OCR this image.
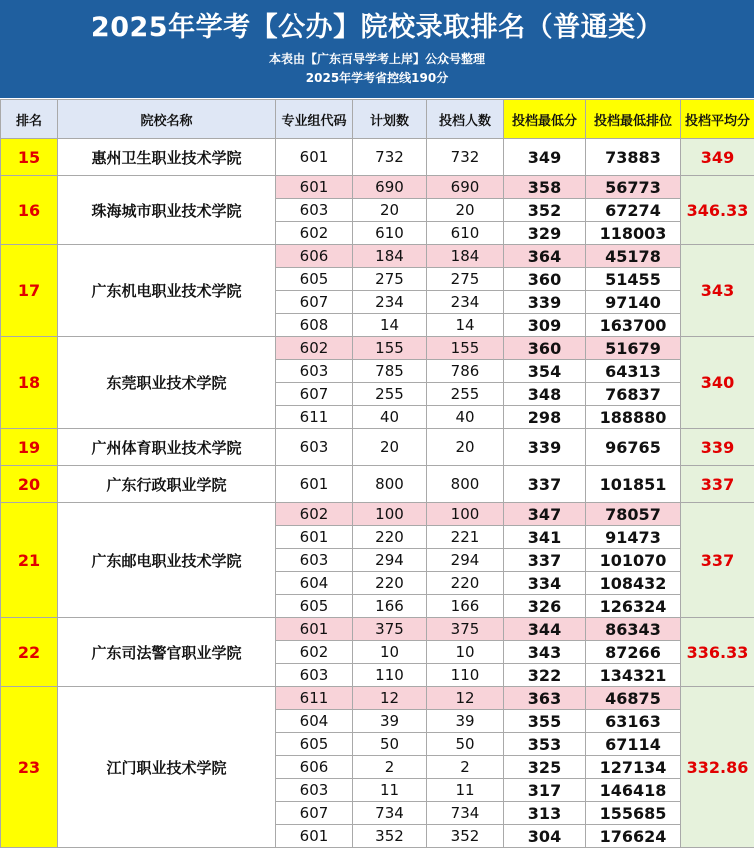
2025年学考【公办】院校录取排名（普通类）
本表由【广东百导学考上岸】公众号整理
2025年学考省控线190分
排名	院校名称	专业组代码	计划数	投档人数	投档最低分	投档最低排位	投档平均分
15	惠州卫生职业技术学院	601	732	732	349	73883	349
16	珠海城市职业技术学院	601	690	690	358	56773	346.33
		603	20	20	352	67274	
		602	610	610	329	118003	
17	广东机电职业技术学院	606	184	184	364	45178	343
		605	275	275	360	51455	
		607	234	234	339	97140	
		608	14	14	309	163700	
18	东莞职业技术学院	602	155	155	360	51679	340
		603	785	786	354	64313	
		607	255	255	348	76837	
		611	40	40	298	188880	
19	广州体育职业技术学院	603	20	20	339	96765	339
20	广东行政职业学院	601	800	800	337	101851	337
21	广东邮电职业技术学院	602	100	100	347	78057	337
		601	220	221	341	91473	
		603	294	294	337	101070	
		604	220	220	334	108432	
		605	166	166	326	126324	
22	广东司法警官职业学院	601	375	375	344	86343	336.33
		602	10	10	343	87266	
		603	110	110	322	134321	
23	江门职业技术学院	611	12	12	363	46875	332.86
		604	39	39	355	63163	
		605	50	50	353	67114	
		606	2	2	325	127134	
		603	11	11	317	146418	
		607	734	734	313	155685	
		601	352	352	304	176624	
